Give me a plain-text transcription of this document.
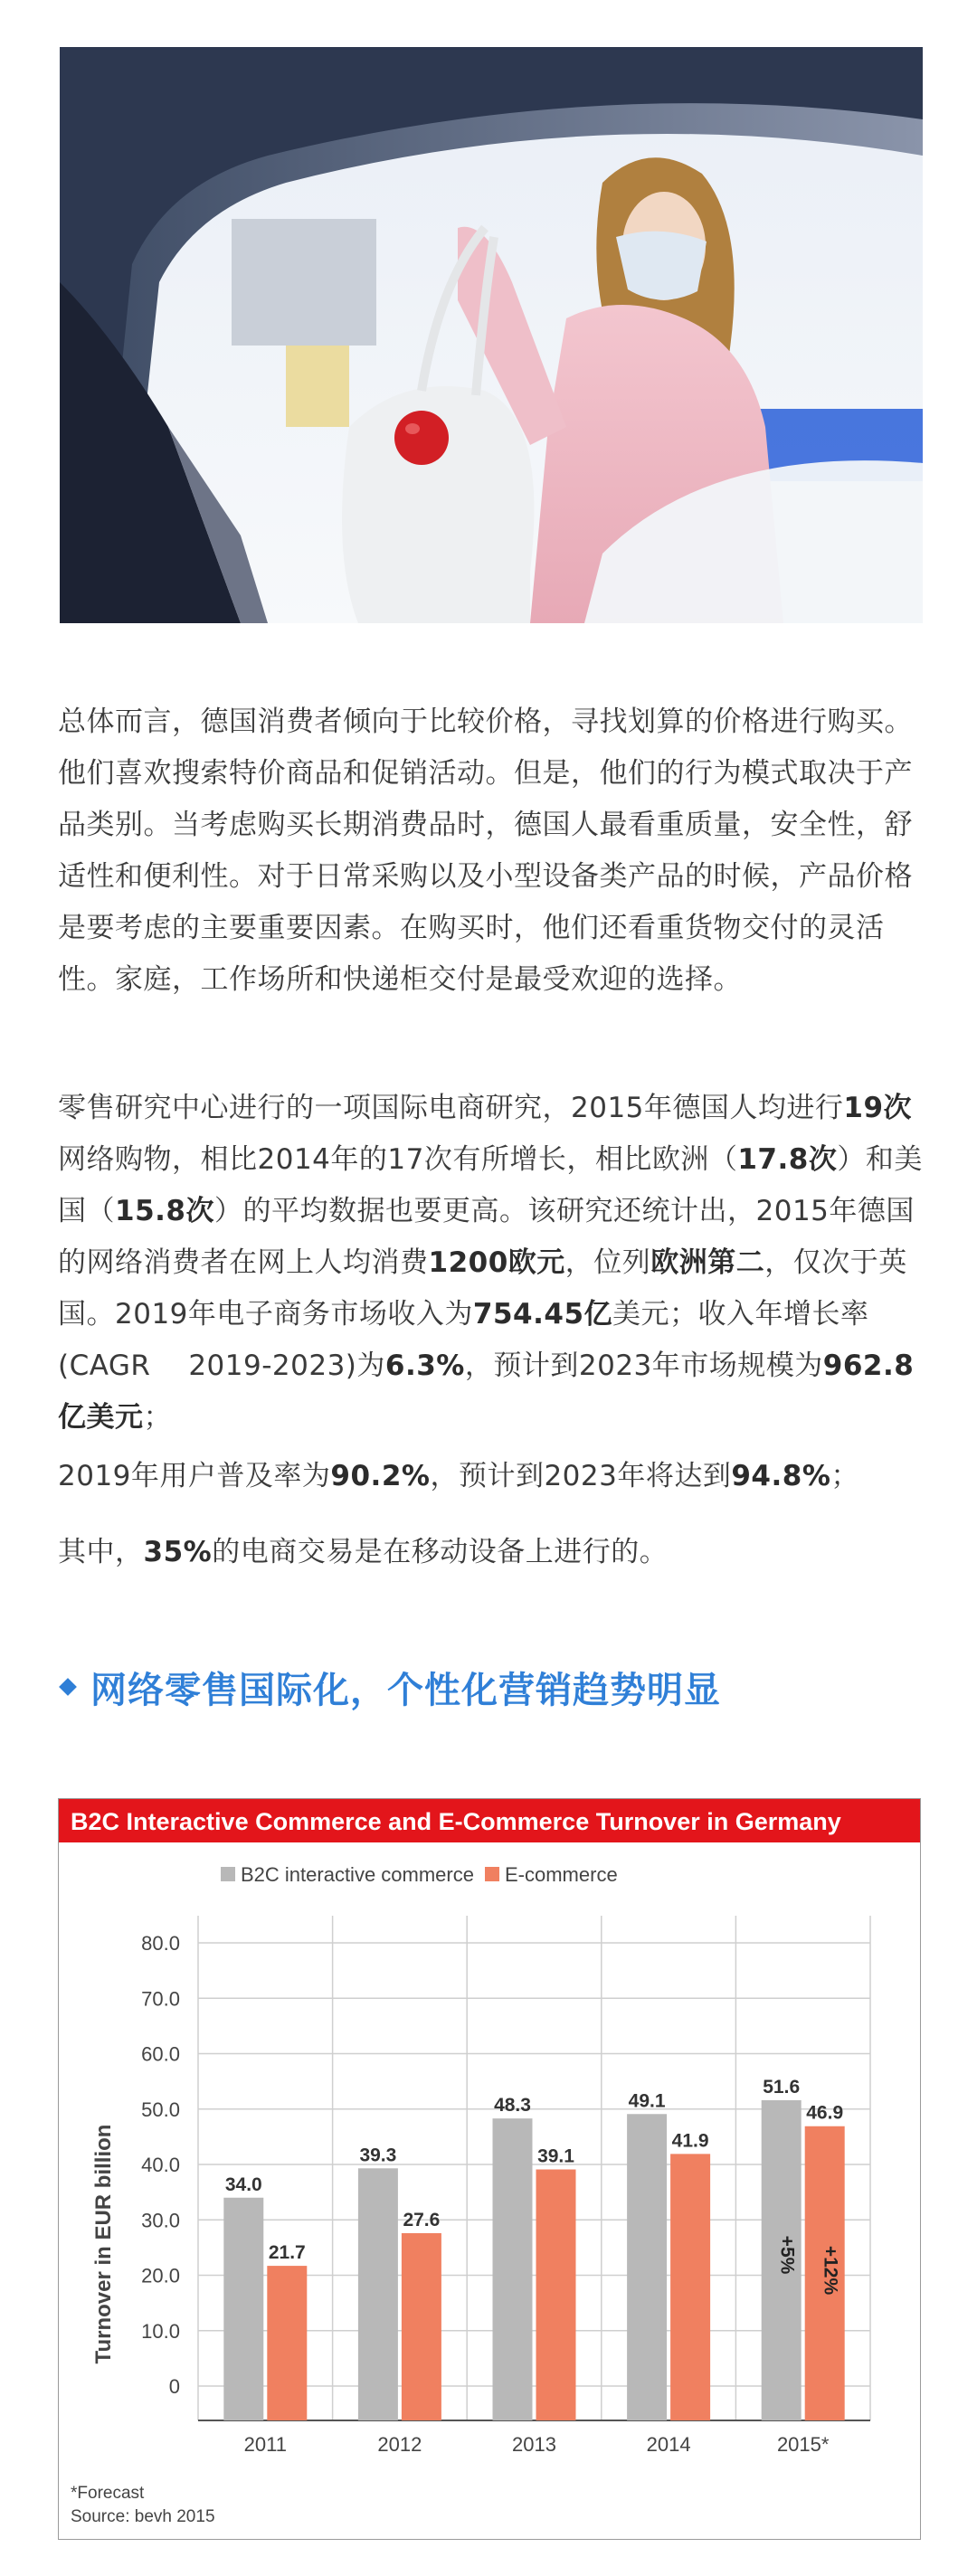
总体而言，德国消费者倾向于比较价格，寻找划算的价格进行购买。他们喜欢搜索特价商品和促销活动。但是，他们的行为模式取决于产品类别。当考虑购买长期消费品时，德国人最看重质量，安全性，舒适性和便利性。对于日常采购以及小型设备类产品的时候，产品价格是要考虑的主要重要因素。在购买时，他们还看重货物交付的灵活性。家庭，工作场所和快递柜交付是最受欢迎的选择。

零售研究中心进行的一项国际电商研究，2015年德国人均进行19次网络购物，相比2014年的17次有所增长，相比欧洲（17.8次）和美国（15.8次）的平均数据也要更高。该研究还统计出，2015年德国的网络消费者在网上人均消费1200欧元，位列欧洲第二，仅次于英国。2019年电子商务市场收入为754.45亿美元；收入年增长率(CAGR　 2019-2023)为6.3%，预计到2023年市场规模为962.8亿美元；

2019年用户普及率为90.2%，预计到2023年将达到94.8%；

其中，35%的电商交易是在移动设备上进行的。

网络零售国际化，个性化营销趋势明显
B2C Interactive Commerce and E-Commerce Turnover in Germany
B2C interactive commerce E-commerce
Turnover in EUR billion
0
10.0
20.0
30.0
40.0
50.0
60.0
70.0
80.0
34.0
21.7
2011
39.3
27.6
2012
48.3
39.1
2013
49.1
41.9
2014
51.6
46.9
2015*
+5% +12%
*Forecast
Source: bevh 2015
